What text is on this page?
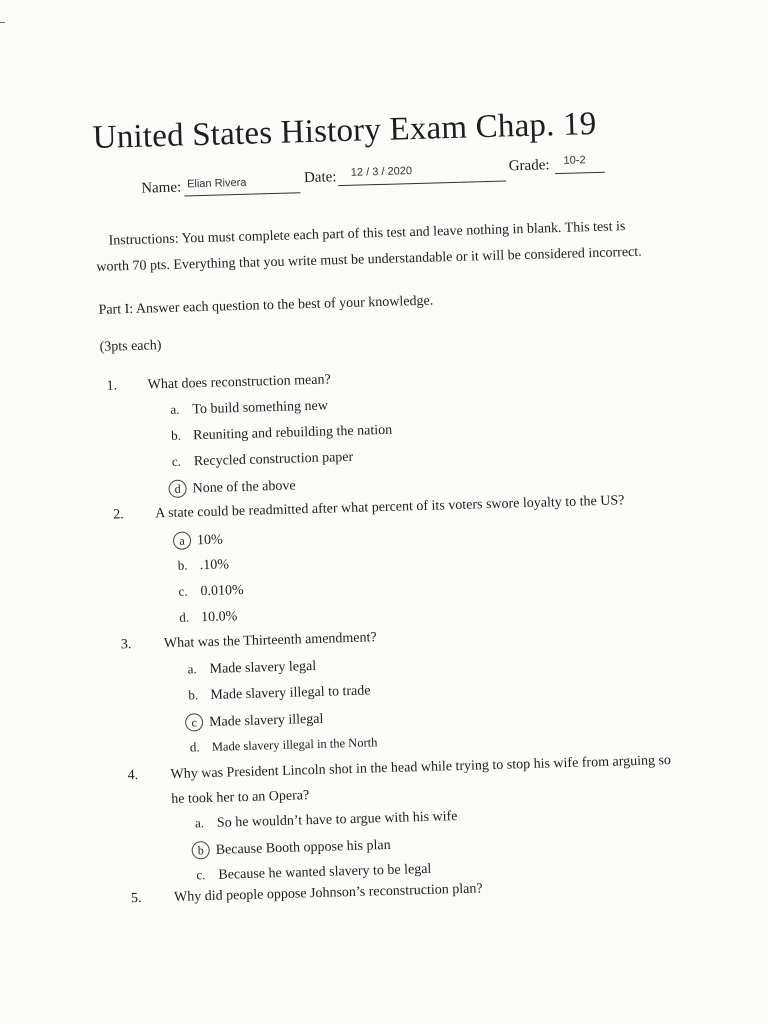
United States History Exam Chap. 19
Name: Elian Rivera	Date: 12 / 3 / 2020	Grade: 10-2
Instructions: You must complete each part of this test and leave nothing in blank. This test is
worth 70 pts. Everything that you write must be understandable or it will be considered incorrect.
Part I: Answer each question to the best of your knowledge.
(3pts each)
1. What does reconstruction mean?
a. To build something new
b. Reuniting and rebuilding the nation
c. Recycled construction paper
d None of the above
2. A state could be readmitted after what percent of its voters swore loyalty to the US?
a 10%
b. .10%
c. 0.010%
d. 10.0%
3. What was the Thirteenth amendment?
a. Made slavery legal
b. Made slavery illegal to trade
c Made slavery illegal
d. Made slavery illegal in the North
4. Why was President Lincoln shot in the head while trying to stop his wife from arguing so
he took her to an Opera?
a. So he wouldn’t have to argue with his wife
b Because Booth oppose his plan
c. Because he wanted slavery to be legal
5. Why did people oppose Johnson’s reconstruction plan?
